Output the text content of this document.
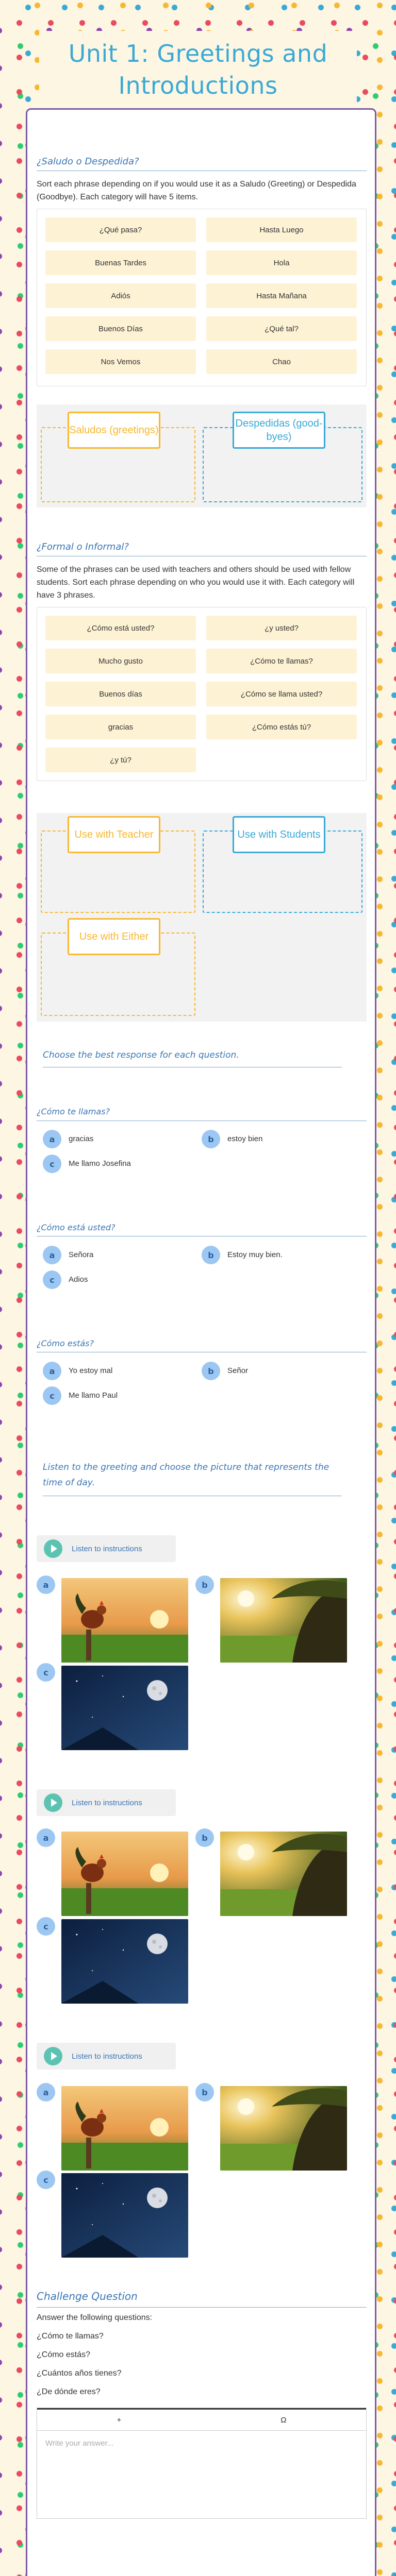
Unit 1: Greetings and Introductions
¿Saludo o Despedida?
Sort each phrase depending on if you would use it as a Saludo (Greeting) or Despedida (Goodbye). Each category will have 5 items.
¿Qué pasa?	Hasta Luego
Buenas Tardes	Hola
Adiós	Hasta Mañana
Buenos Días	¿Qué tal?
Nos Vemos	Chao
Saludos (greetings)
Despedidas (good-byes)
¿Formal o Informal?
Some of the phrases can be used with teachers and others should be used with fellow students. Sort each phrase depending on who you would use it with. Each category will have 3 phrases.
¿Cómo está usted?	¿y usted?
Mucho gusto	¿Cómo te llamas?
Buenos días	¿Cómo se llama usted?
gracias	¿Cómo estás tú?
¿y tú?
Use with Teacher	Use with Students
Use with Either
Choose the best response for each question.
¿Cómo te llamas?
a	gracias	b	estoy bien
c	Me llamo Josefina
¿Cómo está usted?
a	Señora	b	Estoy muy bien.
c	Adios
¿Cómo estás?
a	Yo estoy mal	b	Señor
c	Me llamo Paul
Listen to the greeting and choose the picture that represents the time of day.
Listen to instructions
a	b
c
Listen to instructions
a	b
c
Listen to instructions
a	b
c
Challenge Question
Answer the following questions:
¿Cómo te llamas?
¿Cómo estás?
¿Cuántos años tienes?
¿De dónde eres?
+	Ω
Write your answer...
